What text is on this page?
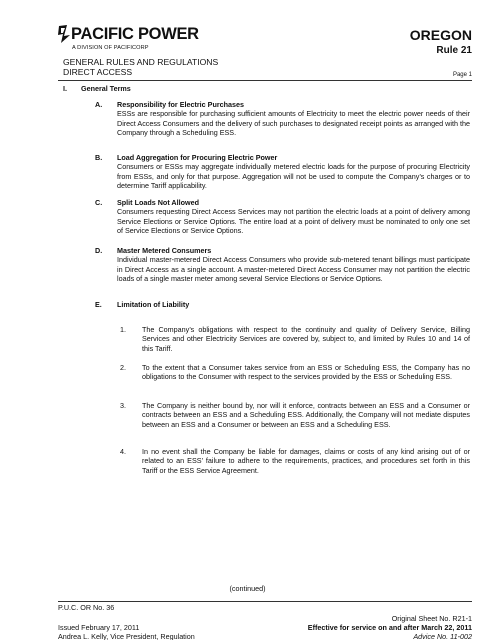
PACIFIC POWER
A DIVISION OF PACIFICORP
OREGON
Rule 21
GENERAL RULES AND REGULATIONS
DIRECT ACCESS	Page 1
I. General Terms
A. Responsibility for Electric Purchases

ESSs are responsible for purchasing sufficient amounts of Electricity to meet the electric power needs of their Direct Access Consumers and the delivery of such purchases to designated receipt points as arranged with the Company through a Scheduling ESS.

B. Load Aggregation for Procuring Electric Power

Consumers or ESSs may aggregate individually metered electric loads for the purpose of procuring Electricity from ESSs, and only for that purpose. Aggregation will not be used to compute the Company’s charges or to determine Tariff applicability.

C. Split Loads Not Allowed

Consumers requesting Direct Access Services may not partition the electric loads at a point of delivery among Service Elections or Service Options. The entire load at a point of delivery must be nominated to only one set of Service Elections or Service Options.

D. Master Metered Consumers

Individual master-metered Direct Access Consumers who provide sub-metered tenant billings must participate in Direct Access as a single account. A master-metered Direct Access Consumer may not partition the electric loads of a single master meter among several Service Elections or Service Options.

E. Limitation of Liability
1. The Company’s obligations with respect to the continuity and quality of Delivery Service, Billing Services and other Electricity Services are covered by, subject to, and limited by Rules 10 and 14 of this Tariff.

2. To the extent that a Consumer takes service from an ESS or Scheduling ESS, the Company has no obligations to the Consumer with respect to the services provided by the ESS or Scheduling ESS.

3. The Company is neither bound by, nor will it enforce, contracts between an ESS and a Consumer or contracts between an ESS and a Scheduling ESS. Additionally, the Company will not mediate disputes between an ESS and a Consumer or between an ESS and a Scheduling ESS.

4. In no event shall the Company be liable for damages, claims or costs of any kind arising out of or related to an ESS’ failure to adhere to the requirements, practices, and procedures set forth in this Tariff or the ESS Service Agreement.

(continued)
P.U.C. OR No. 36
Original Sheet No. R21-1
Issued February 17, 2011	Effective for service on and after March 22, 2011
Andrea L. Kelly, Vice President, Regulation	Advice No. 11-002
